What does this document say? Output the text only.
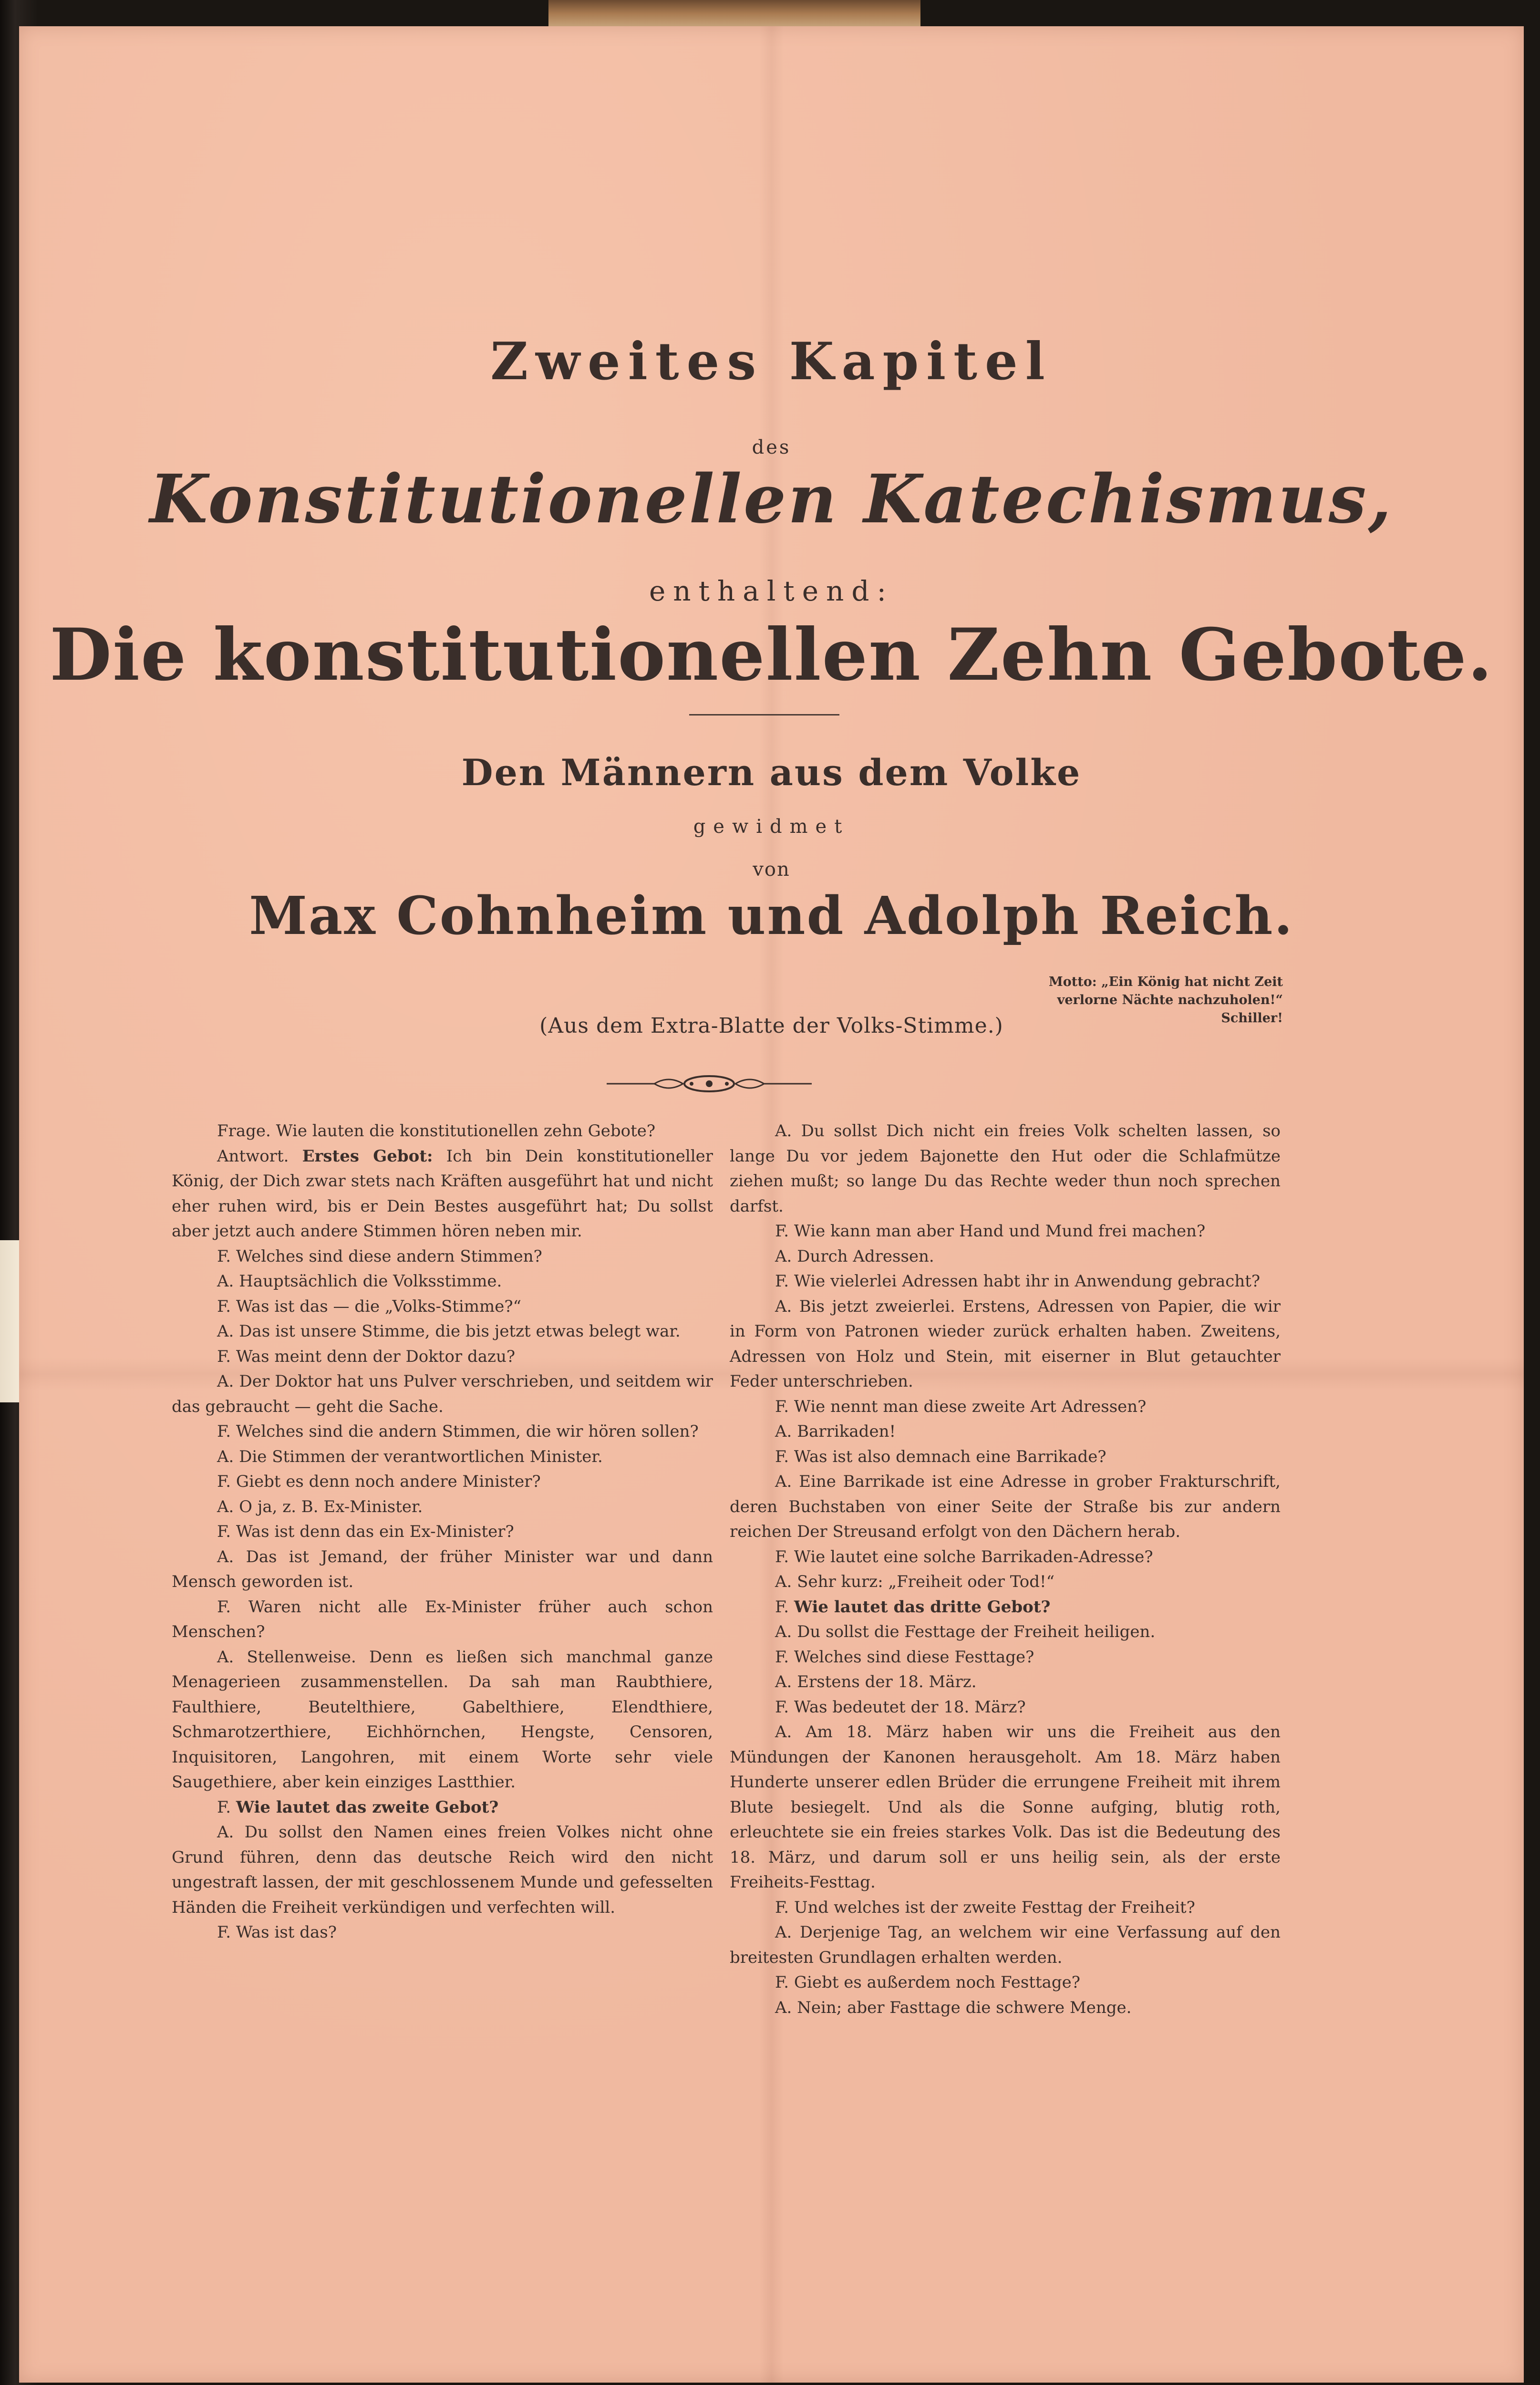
Zweites Kapitel
des
Konstitutionellen Katechismus,
enthaltend:
Die konstitutionellen Zehn Gebote.
Den Männern aus dem Volke
gewidmet
von
Max Cohnheim und Adolph Reich.
Motto: „Ein König hat nicht Zeit
verlorne Nächte nachzuholen!“
Schiller!
(Aus dem Extra-Blatte der Volks-Stimme.)

Frage. Wie lauten die konstitutionellen zehn Gebote?

Antwort. Erstes Gebot: Ich bin Dein konstitutioneller König, der Dich zwar stets nach Kräften ausgeführt hat und nicht eher ruhen wird, bis er Dein Bestes ausgeführt hat; Du sollst aber jetzt auch andere Stimmen hören neben mir.

F. Welches sind diese andern Stimmen?

A. Hauptsächlich die Volksstimme.

F. Was ist das — die „Volks-Stimme?“

A. Das ist unsere Stimme, die bis jetzt etwas belegt war.

F. Was meint denn der Doktor dazu?

A. Der Doktor hat uns Pulver verschrieben, und seitdem wir das gebraucht — geht die Sache.

F. Welches sind die andern Stimmen, die wir hören sollen?

A. Die Stimmen der verantwortlichen Minister.

F. Giebt es denn noch andere Minister?

A. O ja, z. B. Ex-Minister.

F. Was ist denn das ein Ex-Minister?

A. Das ist Jemand, der früher Minister war und dann Mensch geworden ist.

F. Waren nicht alle Ex-Minister früher auch schon Menschen?

A. Stellenweise. Denn es ließen sich manchmal ganze Menagerieen zusammenstellen. Da sah man Raubthiere, Faulthiere, Beutelthiere, Gabelthiere, Elendthiere, Schmarotzerthiere, Eichhörnchen, Hengste, Censoren, Inquisitoren, Langohren, mit einem Worte sehr viele Saugethiere, aber kein einziges Lastthier.

F. Wie lautet das zweite Gebot?

A. Du sollst den Namen eines freien Volkes nicht ohne Grund führen, denn das deutsche Reich wird den nicht ungestraft lassen, der mit geschlossenem Munde und gefesselten Händen die Freiheit verkündigen und verfechten will.

F. Was ist das?

A. Du sollst Dich nicht ein freies Volk schelten lassen, so lange Du vor jedem Bajonette den Hut oder die Schlafmütze ziehen mußt; so lange Du das Rechte weder thun noch sprechen darfst.

F. Wie kann man aber Hand und Mund frei machen?

A. Durch Adressen.

F. Wie vielerlei Adressen habt ihr in Anwendung gebracht?

A. Bis jetzt zweierlei. Erstens, Adressen von Papier, die wir in Form von Patronen wieder zurück erhalten haben. Zweitens, Adressen von Holz und Stein, mit eiserner in Blut getauchter Feder unterschrieben.

F. Wie nennt man diese zweite Art Adressen?

A. Barrikaden!

F. Was ist also demnach eine Barrikade?

A. Eine Barrikade ist eine Adresse in grober Frakturschrift, deren Buchstaben von einer Seite der Straße bis zur andern reichen Der Streusand erfolgt von den Dächern herab.

F. Wie lautet eine solche Barrikaden-Adresse?

A. Sehr kurz: „Freiheit oder Tod!“

F. Wie lautet das dritte Gebot?

A. Du sollst die Festtage der Freiheit heiligen.

F. Welches sind diese Festtage?

A. Erstens der 18. März.

F. Was bedeutet der 18. März?

A. Am 18. März haben wir uns die Freiheit aus den Mündungen der Kanonen herausgeholt. Am 18. März haben Hunderte unserer edlen Brüder die errungene Freiheit mit ihrem Blute besiegelt. Und als die Sonne aufging, blutig roth, erleuchtete sie ein freies starkes Volk. Das ist die Bedeutung des 18. März, und darum soll er uns heilig sein, als der erste Freiheits-Festtag.

F. Und welches ist der zweite Festtag der Freiheit?

A. Derjenige Tag, an welchem wir eine Verfassung auf den breitesten Grundlagen erhalten werden.

F. Giebt es außerdem noch Festtage?

A. Nein; aber Fasttage die schwere Menge.
